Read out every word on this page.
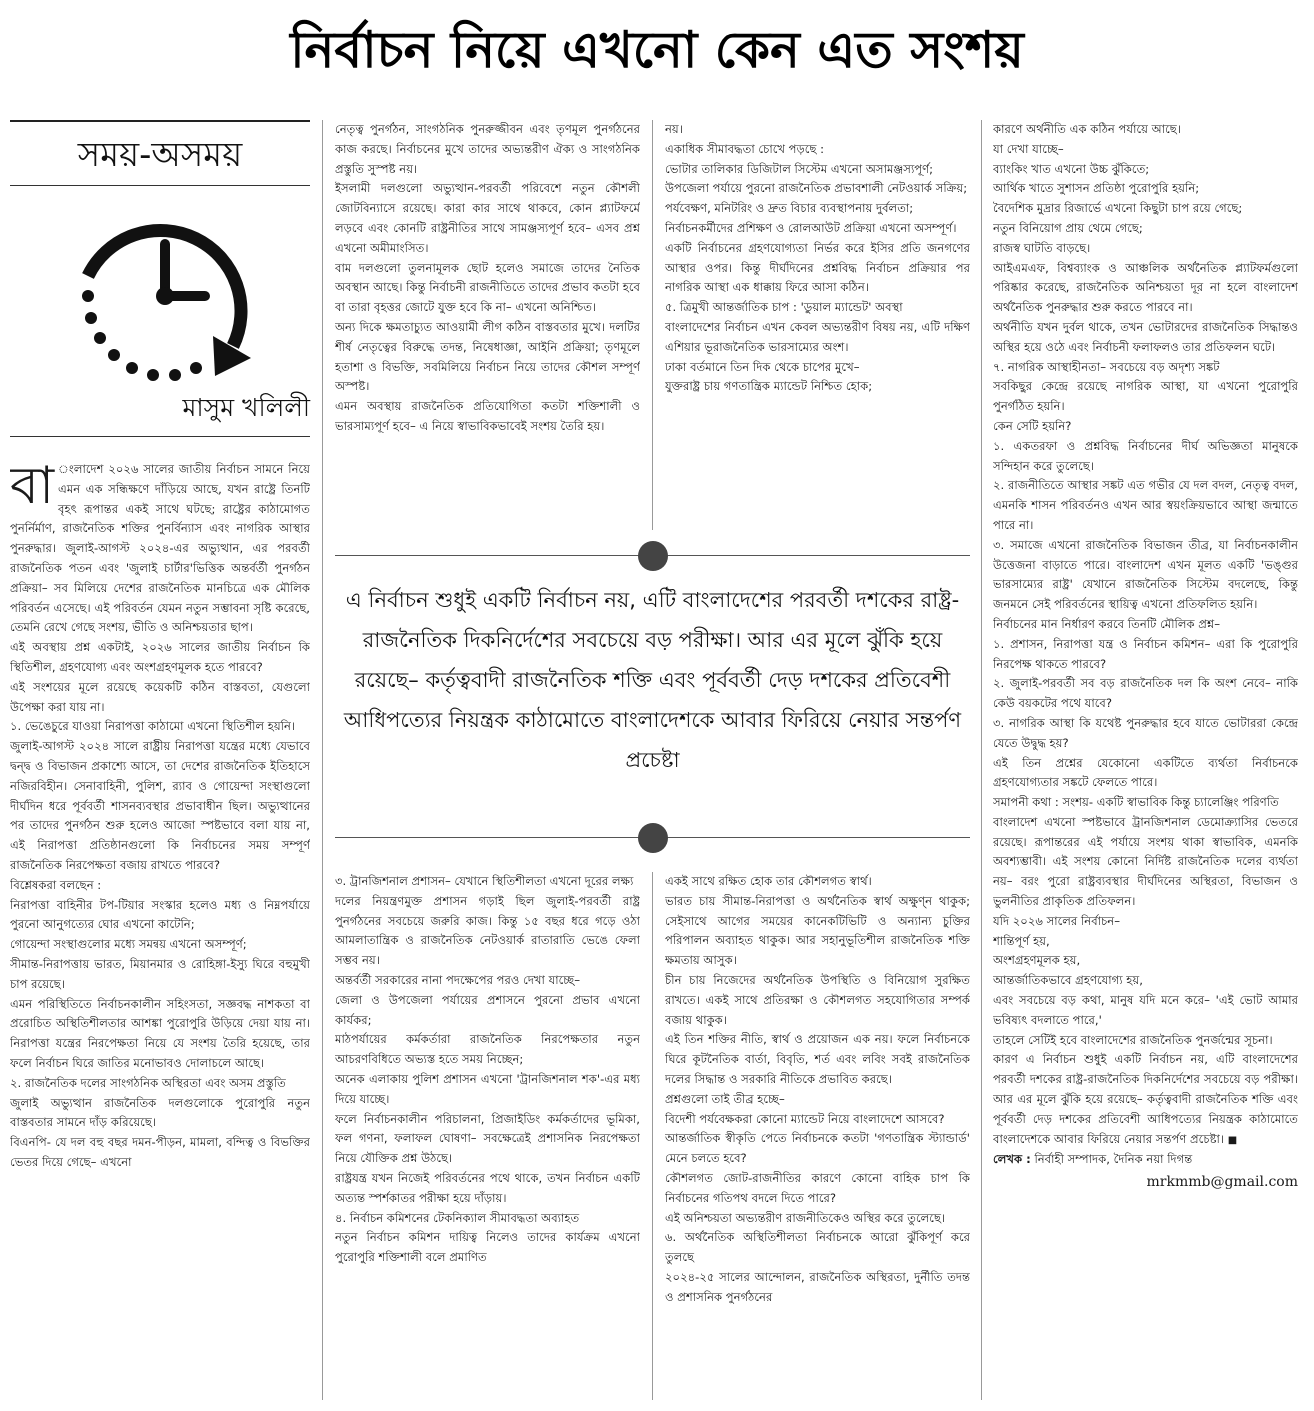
নির্বাচন নিয়ে এখনো কেন এত সংশয়
সময়-অসময়
মাসুম খলিলী

বা ংলাদেশ ২০২৬ সালের জাতীয় নির্বাচন সামনে নিয়ে এমন এক সন্ধিক্ষণে দাঁড়িয়ে আছে, যখন রাষ্ট্রে তিনটি বৃহৎ রূপান্তর একই সাথে ঘটছে; রাষ্ট্রের কাঠামোগত পুনর্নির্মাণ, রাজনৈতিক শক্তির পুনর্বিন্যাস এবং নাগরিক আস্থার পুনরুদ্ধার। জুলাই-আগস্ট ২০২৪-এর অভ্যুত্থান, এর পরবর্তী রাজনৈতিক পতন এবং 'জুলাই চার্টার'ভিত্তিক অন্তর্বর্তী পুনর্গঠন প্রক্রিয়া– সব মিলিয়ে দেশের রাজনৈতিক মানচিত্রে এক মৌলিক পরিবর্তন এসেছে। এই পরিবর্তন যেমন নতুন সম্ভাবনা সৃষ্টি করেছে, তেমনি রেখে গেছে সংশয়, ভীতি ও অনিশ্চয়তার ছাপ।

এই অবস্থায় প্রশ্ন একটাই, ২০২৬ সালের জাতীয় নির্বাচন কি স্থিতিশীল, গ্রহণযোগ্য এবং অংশগ্রহণমূলক হতে পারবে?

এই সংশয়ের মূলে রয়েছে কয়েকটি কঠিন বাস্তবতা, যেগুলো উপেক্ষা করা যায় না।

১. ভেঙেচুরে যাওয়া নিরাপত্তা কাঠামো এখনো স্থিতিশীল হয়নি।

জুলাই-আগস্ট ২০২৪ সালে রাষ্ট্রীয় নিরাপত্তা যন্ত্রের মধ্যে যেভাবে দ্বন্দ্ব ও বিভাজন প্রকাশ্যে আসে, তা দেশের রাজনৈতিক ইতিহাসে নজিরবিহীন। সেনাবাহিনী, পুলিশ, র‌্যাব ও গোয়েন্দা সংস্থাগুলো দীর্ঘদিন ধরে পূর্ববর্তী শাসনব্যবস্থার প্রভাবাধীন ছিল। অভ্যুত্থানের পর তাদের পুনর্গঠন শুরু হলেও আজো স্পষ্টভাবে বলা যায় না, এই নিরাপত্তা প্রতিষ্ঠানগুলো কি নির্বাচনের সময় সম্পূর্ণ রাজনৈতিক নিরপেক্ষতা বজায় রাখতে পারবে?

বিশ্লেষকরা বলছেন :

নিরাপত্তা বাহিনীর টপ-টিয়ার সংস্কার হলেও মধ্য ও নিম্নপর্যায়ে পুরনো আনুগত্যের ঘোর এখনো কাটেনি;

গোয়েন্দা সংস্থাগুলোর মধ্যে সমন্বয় এখনো অসম্পূর্ণ;

সীমান্ত-নিরাপত্তায় ভারত, মিয়ানমার ও রোহিঙ্গা-ইস্যু ঘিরে বহুমুখী চাপ রয়েছে।

এমন পরিস্থিতিতে নির্বাচনকালীন সহিংসতা, সজ্ঞবদ্ধ নাশকতা বা প্ররোচিত অস্থিতিশীলতার আশঙ্কা পুরোপুরি উড়িয়ে দেয়া যায় না। নিরাপত্তা যন্ত্রের নিরপেক্ষতা নিয়ে যে সংশয় তৈরি হয়েছে, তার ফলে নির্বাচন ঘিরে জাতির মনোভাবও দোলাচলে আছে।

২. রাজনৈতিক দলের সাংগঠনিক অস্থিরতা এবং অসম প্রস্তুতি

জুলাই অভ্যুত্থান রাজনৈতিক দলগুলোকে পুরোপুরি নতুন বাস্তবতার সামনে দাঁড় করিয়েছে।

বিএনপি- যে দল বহু বছর দমন-পীড়ন, মামলা, বন্দিত্ব ও বিভক্তির ভেতর দিয়ে গেছে– এখনো

নেতৃত্ব পুনর্গঠন, সাংগঠনিক পুনরুজ্জীবন এবং তৃণমূল পুনর্গঠনের কাজ করছে। নির্বাচনের মুখে তাদের অভ্যন্তরীণ ঐক্য ও সাংগঠনিক প্রস্তুতি সুস্পষ্ট নয়।

ইসলামী দলগুলো অভ্যুত্থান-পরবর্তী পরিবেশে নতুন কৌশলী জোটবিন্যাসে রয়েছে। কারা কার সাথে থাকবে, কোন প্ল্যাটফর্মে লড়বে এবং কোনটি রাষ্ট্রনীতির সাথে সামঞ্জস্যপূর্ণ হবে– এসব প্রশ্ন এখনো অমীমাংসিত।

বাম দলগুলো তুলনামূলক ছোট হলেও সমাজে তাদের নৈতিক অবস্থান আছে। কিন্তু নির্বাচনী রাজনীতিতে তাদের প্রভাব কতটা হবে বা তারা বৃহত্তর জোটে যুক্ত হবে কি না– এখনো অনিশ্চিত।

অন্য দিকে ক্ষমতাচ্যুত আওয়ামী লীগ কঠিন বাস্তবতার মুখে। দলটির শীর্ষ নেতৃত্বের বিরুদ্ধে তদন্ত, নিষেধাজ্ঞা, আইনি প্রক্রিয়া; তৃণমূলে হতাশা ও বিভক্তি, সবমিলিয়ে নির্বাচন নিয়ে তাদের কৌশল সম্পূর্ণ অস্পষ্ট।

এমন অবস্থায় রাজনৈতিক প্রতিযোগিতা কতটা শক্তিশালী ও ভারসাম্যপূর্ণ হবে– এ নিয়ে স্বাভাবিকভাবেই সংশয় তৈরি হয়।

নয়।

একাধিক সীমাবদ্ধতা চোখে পড়ছে :

ভোটার তালিকার ডিজিটাল সিস্টেম এখনো অসামঞ্জস্যপূর্ণ;

উপজেলা পর্যায়ে পুরনো রাজনৈতিক প্রভাবশালী নেটওয়ার্ক সক্রিয়;

পর্যবেক্ষণ, মনিটরিং ও দ্রুত বিচার ব্যবস্থাপনায় দুর্বলতা;

নির্বাচনকর্মীদের প্রশিক্ষণ ও রোলআউট প্রক্রিয়া এখনো অসম্পূর্ণ।

একটি নির্বাচনের গ্রহণযোগ্যতা নির্ভর করে ইসির প্রতি জনগণের আস্থার ওপর। কিন্তু দীর্ঘদিনের প্রশ্নবিদ্ধ নির্বাচন প্রক্রিয়ার পর নাগরিক আস্থা এক ধাক্কায় ফিরে আসা কঠিন।

৫. ত্রিমুখী আন্তর্জাতিক চাপ : 'ডুয়াল ম্যান্ডেট' অবস্থা

বাংলাদেশের নির্বাচন এখন কেবল অভ্যন্তরীণ বিষয় নয়, এটি দক্ষিণ এশিয়ার ভূরাজনৈতিক ভারসাম্যের অংশ।

ঢাকা বর্তমানে তিন দিক থেকে চাপের মুখে–

যুক্তরাষ্ট্র চায় গণতান্ত্রিক ম্যান্ডেট নিশ্চিত হোক;

এ নির্বাচন শুধুই একটি নির্বাচন নয়, এটি বাংলাদেশের পরবর্তী দশকের রাষ্ট্র-রাজনৈতিক দিকনির্দেশের সবচেয়ে বড় পরীক্ষা। আর এর মূলে ঝুঁকি হয়ে রয়েছে– কর্তৃত্ববাদী রাজনৈতিক শক্তি এবং পূর্ববর্তী দেড় দশকের প্রতিবেশী আধিপত্যের নিয়ন্ত্রক কাঠামোতে বাংলাদেশকে আবার ফিরিয়ে নেয়ার সন্তর্পণ প্রচেষ্টা

৩. ট্রানজিশনাল প্রশাসন– যেখানে স্থিতিশীলতা এখনো দূরের লক্ষ্য

দলের নিয়ন্ত্রণমুক্ত প্রশাসন গড়াই ছিল জুলাই-পরবর্তী রাষ্ট্র পুনর্গঠনের সবচেয়ে জরুরি কাজ। কিন্তু ১৫ বছর ধরে গড়ে ওঠা আমলাতান্ত্রিক ও রাজনৈতিক নেটওয়ার্ক রাতারাতি ভেঙে ফেলা সম্ভব নয়।

অন্তর্বর্তী সরকারের নানা পদক্ষেপের পরও দেখা যাচ্ছে–

জেলা ও উপজেলা পর্যায়ের প্রশাসনে পুরনো প্রভাব এখনো কার্যকর;

মাঠপর্যায়ের কর্মকর্তারা রাজনৈতিক নিরপেক্ষতার নতুন আচরণবিধিতে অভ্যস্ত হতে সময় নিচ্ছেন;

অনেক এলাকায় পুলিশ প্রশাসন এখনো 'ট্রানজিশনাল শক'-এর মধ্য দিয়ে যাচ্ছে।

ফলে নির্বাচনকালীন পরিচালনা, প্রিজাইডিং কর্মকর্তাদের ভূমিকা, ফল গণনা, ফলাফল ঘোষণা– সবক্ষেত্রেই প্রশাসনিক নিরপেক্ষতা নিয়ে যৌক্তিক প্রশ্ন উঠছে।

রাষ্ট্রযন্ত্র যখন নিজেই পরিবর্তনের পথে থাকে, তখন নির্বাচন একটি অত্যন্ত স্পর্শকাতর পরীক্ষা হয়ে দাঁড়ায়।

৪. নির্বাচন কমিশনের টেকনিক্যাল সীমাবদ্ধতা অব্যাহত

নতুন নির্বাচন কমিশন দায়িত্ব নিলেও তাদের কার্যক্রম এখনো পুরোপুরি শক্তিশালী বলে প্রমাণিত

একই সাথে রক্ষিত হোক তার কৌশলগত স্বার্থ।

ভারত চায় সীমান্ত-নিরাপত্তা ও অর্থনৈতিক স্বার্থ অক্ষুণ্ন থাকুক; সেইসাথে আগের সময়ের কানেকটিভিটি ও অন্যান্য চুক্তির পরিপালন অব্যাহত থাকুক। আর সহানুভূতিশীল রাজনৈতিক শক্তি ক্ষমতায় আসুক।

চীন চায় নিজেদের অর্থনৈতিক উপস্থিতি ও বিনিয়োগ সুরক্ষিত রাখতে। একই সাথে প্রতিরক্ষা ও কৌশলগত সহযোগিতার সম্পর্ক বজায় থাকুক।

এই তিন শক্তির নীতি, স্বার্থ ও প্রয়োজন এক নয়। ফলে নির্বাচনকে ঘিরে কূটনৈতিক বার্তা, বিবৃতি, শর্ত এবং লবিং সবই রাজনৈতিক দলের সিদ্ধান্ত ও সরকারি নীতিকে প্রভাবিত করছে।

প্রশ্নগুলো তাই তীব্র হচ্ছে–

বিদেশী পর্যবেক্ষকরা কোনো ম্যান্ডেট নিয়ে বাংলাদেশে আসবে?

আন্তর্জাতিক স্বীকৃতি পেতে নির্বাচনকে কতটা 'গণতান্ত্রিক স্ট্যান্ডার্ড' মেনে চলতে হবে?

কৌশলগত জোট-রাজনীতির কারণে কোনো বাহিক চাপ কি নির্বাচনের গতিপথ বদলে দিতে পারে?

এই অনিশ্চয়তা অভ্যন্তরীণ রাজনীতিকেও অস্থির করে তুলেছে।

৬. অর্থনৈতিক অস্থিতিশীলতা নির্বাচনকে আরো ঝুঁকিপূর্ণ করে তুলছে

২০২৪-২৫ সালের আন্দোলন, রাজনৈতিক অস্থিরতা, দুর্নীতি তদন্ত ও প্রশাসনিক পুনর্গঠনের

কারণে অর্থনীতি এক কঠিন পর্যায়ে আছে।

যা দেখা যাচ্ছে–

ব্যাংকিং খাত এখনো উচ্চ ঝুঁকিতে;

আর্থিক খাতে সুশাসন প্রতিষ্ঠা পুরোপুরি হয়নি;

বৈদেশিক মুদ্রার রিজার্ভে এখনো কিছুটা চাপ রয়ে গেছে;

নতুন বিনিয়োগ প্রায় থেমে গেছে;

রাজস্ব ঘাটতি বাড়ছে।

আইএমএফ, বিশ্বব্যাংক ও আঞ্চলিক অর্থনৈতিক প্ল্যাটফর্মগুলো পরিষ্কার করেছে, রাজনৈতিক অনিশ্চয়তা দূর না হলে বাংলাদেশ অর্থনৈতিক পুনরুদ্ধার শুরু করতে পারবে না।

অর্থনীতি যখন দুর্বল থাকে, তখন ভোটারদের রাজনৈতিক সিদ্ধান্তও অস্থির হয়ে ওঠে এবং নির্বাচনী ফলাফলও তার প্রতিফলন ঘটে।

৭. নাগরিক আস্থাহীনতা– সবচেয়ে বড় অদৃশ্য সঙ্কট

সবকিছুর কেন্দ্রে রয়েছে নাগরিক আস্থা, যা এখনো পুরোপুরি পুনর্গঠিত হয়নি।

কেন সেটি হয়নি?

১. একতরফা ও প্রশ্নবিদ্ধ নির্বাচনের দীর্ঘ অভিজ্ঞতা মানুষকে সন্দিহান করে তুলেছে।

২. রাজনীতিতে আস্থার সঙ্কট এত গভীর যে দল বদল, নেতৃত্ব বদল, এমনকি শাসন পরিবর্তনও এখন আর স্বয়ংক্রিয়ভাবে আস্থা জন্মাতে পারে না।

৩. সমাজে এখনো রাজনৈতিক বিভাজন তীব্র, যা নির্বাচনকালীন উত্তেজনা বাড়াতে পারে। বাংলাদেশ এখন মূলত একটি 'ভঙ্গুর ভারসাম্যের রাষ্ট্র' যেখানে রাজনৈতিক সিস্টেম বদলেছে, কিন্তু জনমনে সেই পরিবর্তনের স্থায়িত্ব এখনো প্রতিফলিত হয়নি।

নির্বাচনের মান নির্ধারণ করবে তিনটি মৌলিক প্রশ্ন–

১. প্রশাসন, নিরাপত্তা যন্ত্র ও নির্বাচন কমিশন– এরা কি পুরোপুরি নিরপেক্ষ থাকতে পারবে?

২. জুলাই-পরবর্তী সব বড় রাজনৈতিক দল কি অংশ নেবে– নাকি কেউ বয়কটের পথে যাবে?

৩. নাগরিক আস্থা কি যথেষ্ট পুনরুদ্ধার হবে যাতে ভোটাররা কেন্দ্রে যেতে উদ্বুদ্ধ হয়?

এই তিন প্রশ্নের যেকোনো একটিতে ব্যর্থতা নির্বাচনকে গ্রহণযোগ্যতার সঙ্কটে ফেলতে পারে।

সমাপনী কথা : সংশয়- একটি স্বাভাবিক কিন্তু চ্যালেঞ্জিং পরিণতি

বাংলাদেশ এখনো স্পষ্টভাবে ট্রানজিশনাল ডেমোক্র্যাসির ভেতরে রয়েছে। রূপান্তরের এই পর্যায়ে সংশয় থাকা স্বাভাবিক, এমনকি অবশ্যম্ভাবী। এই সংশয় কোনো নির্দিষ্ট রাজনৈতিক দলের ব্যর্থতা নয়– বরং পুরো রাষ্ট্রব্যবস্থার দীর্ঘদিনের অস্থিরতা, বিভাজন ও ভুলনীতির প্রাকৃতিক প্রতিফলন।

যদি ২০২৬ সালের নির্বাচন–

শান্তিপূর্ণ হয়,

অংশগ্রহণমূলক হয়,

আন্তর্জাতিকভাবে গ্রহণযোগ্য হয়,

এবং সবচেয়ে বড় কথা, মানুষ যদি মনে করে– 'এই ভোট আমার ভবিষ্যৎ বদলাতে পারে,'

তাহলে সেটিই হবে বাংলাদেশের রাজনৈতিক পুনর্জন্মের সূচনা।

কারণ এ নির্বাচন শুধুই একটি নির্বাচন নয়, এটি বাংলাদেশের পরবর্তী দশকের রাষ্ট্র-রাজনৈতিক দিকনির্দেশের সবচেয়ে বড় পরীক্ষা। আর এর মূলে ঝুঁকি হয়ে রয়েছে– কর্তৃত্ববাদী রাজনৈতিক শক্তি এবং পূর্ববর্তী দেড় দশকের প্রতিবেশী আধিপত্যের নিয়ন্ত্রক কাঠামোতে বাংলাদেশকে আবার ফিরিয়ে নেয়ার সন্তর্পণ প্রচেষ্টা। ■

লেখক : নির্বাহী সম্পাদক, দৈনিক নয়া দিগন্ত

mrkmmb@gmail.com
